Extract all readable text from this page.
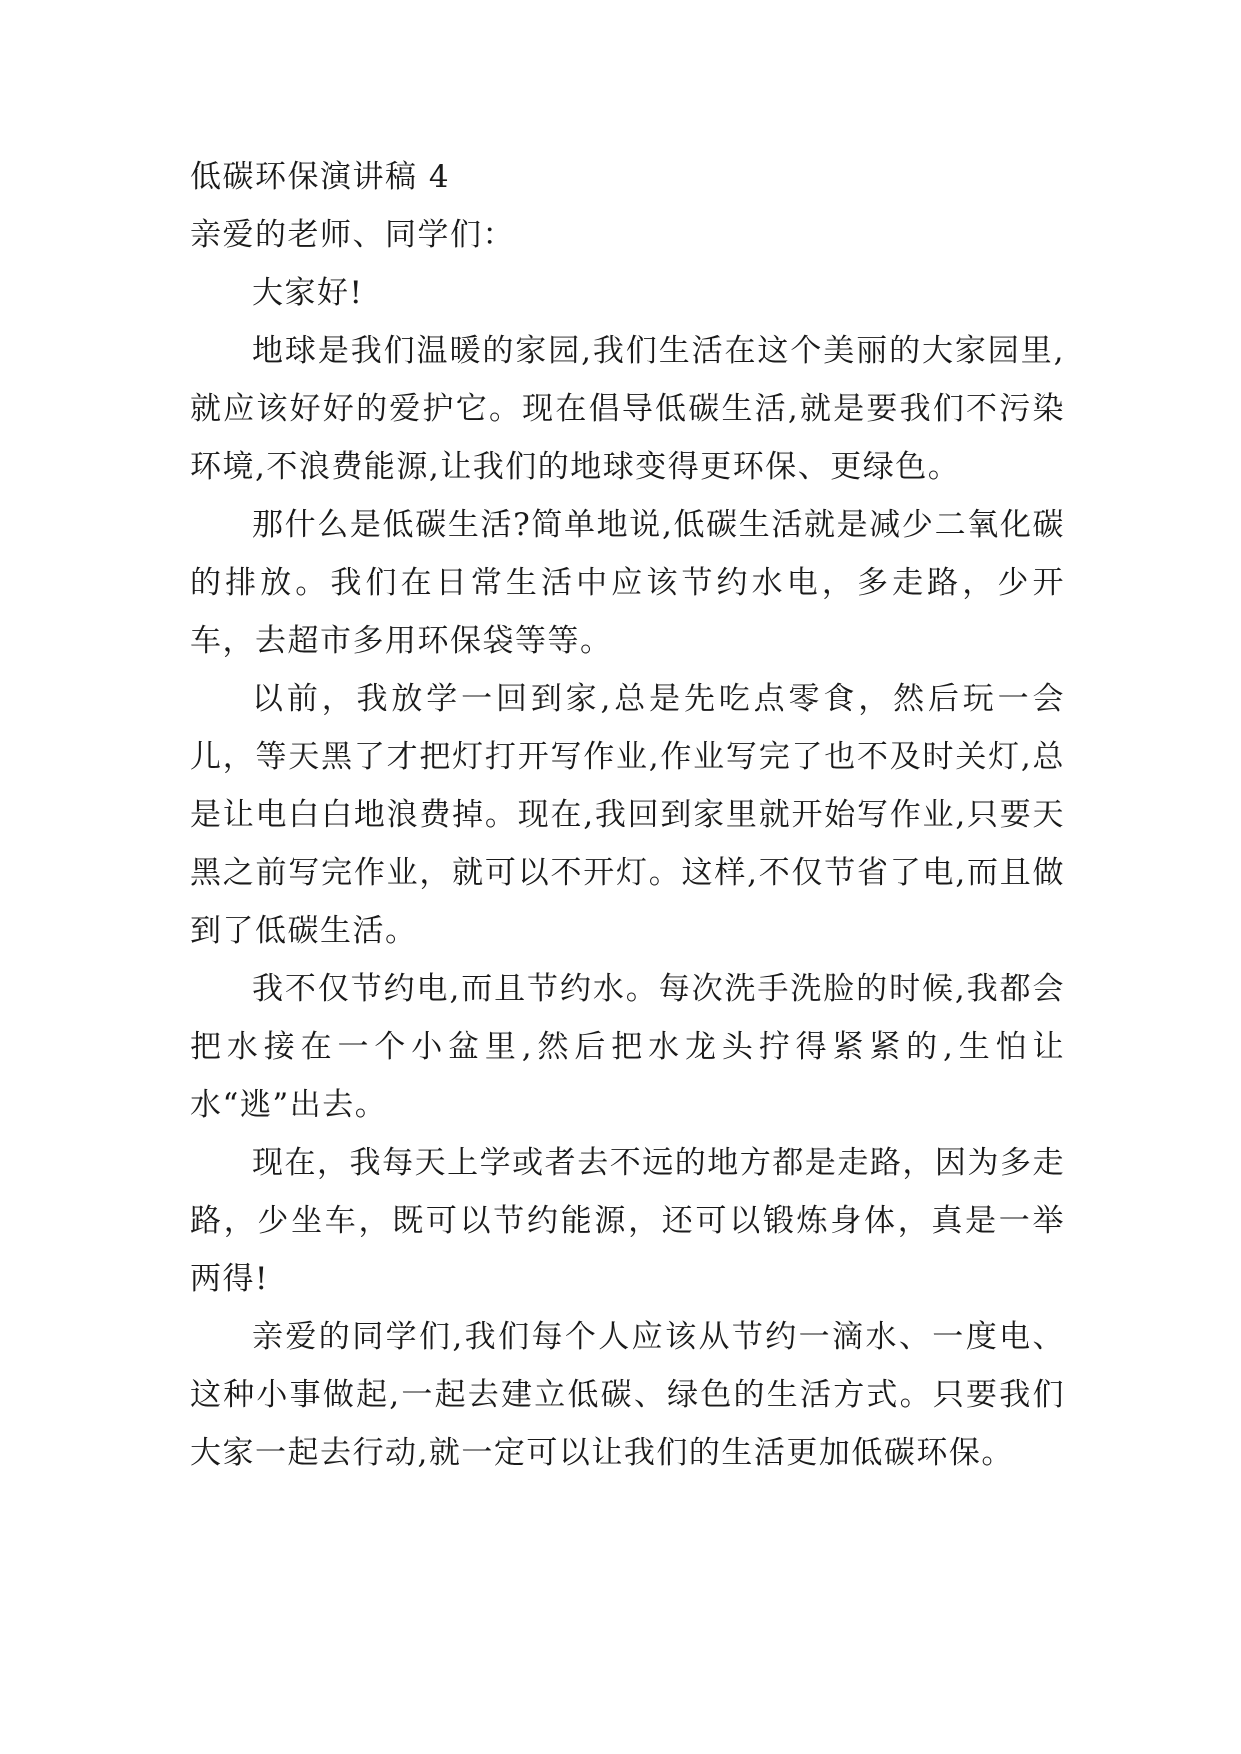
低碳环保演讲稿 4

亲爱的老师、同学们：

大家好!

地球是我们温暖的家园,我们生活在这个美丽的大家园里,就应该好好的爱护它。现在倡导低碳生活,就是要我们不污染环境,不浪费能源,让我们的地球变得更环保、更绿色。

那什么是低碳生活?简单地说,低碳生活就是减少二氧化碳的排放。我们在日常生活中应该节约水电，多走路，少开车，去超市多用环保袋等等。

以前，我放学一回到家,总是先吃点零食，然后玩一会儿，等天黑了才把灯打开写作业,作业写完了也不及时关灯,总是让电白白地浪费掉。现在,我回到家里就开始写作业,只要天黑之前写完作业，就可以不开灯。这样,不仅节省了电,而且做到了低碳生活。

我不仅节约电,而且节约水。每次洗手洗脸的时候,我都会把水接在一个小盆里,然后把水龙头拧得紧紧的,生怕让水“逃”出去。

现在，我每天上学或者去不远的地方都是走路，因为多走路，少坐车，既可以节约能源，还可以锻炼身体，真是一举两得!

亲爱的同学们,我们每个人应该从节约一滴水、一度电、这种小事做起,一起去建立低碳、绿色的生活方式。只要我们大家一起去行动,就一定可以让我们的生活更加低碳环保。
